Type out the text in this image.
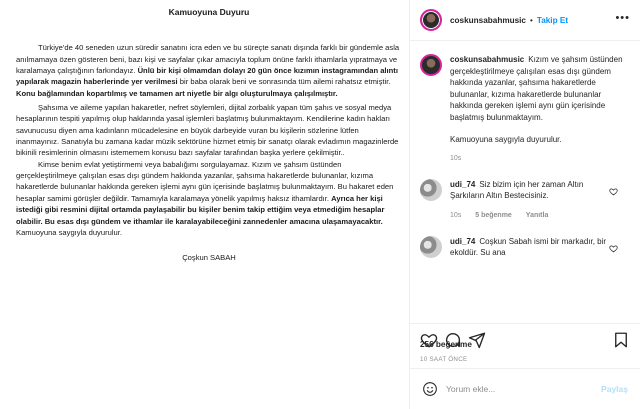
Kamuoyuna Duyuru

Türkiye'de 40 seneden uzun süredir sanatını icra eden ve bu süreçte sanatı dışında farklı bir gündemle asla anılmamaya özen gösteren beni, bazı kişi ve sayfalar çıkar amacıyla toplum önüne farklı ithamlarla yıpratmaya ve karalamaya çalıştığının farkındayız. Ünlü bir kişi olmamdan dolayı 20 gün önce kızımın instagramından alıntı yapılarak magazin haberlerinde yer verilmesi bir baba olarak beni ve sonrasında tüm ailemi rahatsız etmiştir. Konu bağlamından kopartılmış ve tamamen art niyetle bir algı oluşturulmaya çalışılmıştır.

Şahsıma ve aileme yapılan hakaretler, nefret söylemleri, dijital zorbalık yapan tüm şahıs ve sosyal medya hesaplarının tespiti yapılmış olup haklarında yasal işlemleri başlatmış bulunmaktayım. Kendilerine kadın hakları savunucusu diyen ama kadınların mücadelesine en büyük darbeyide vuran bu kişilerin sözlerine lütfen inanmayınız. Sanatıyla bu zamana kadar müzik sektörüne hizmet etmiş bir sanatçı olarak evladımın magazinlerde bikinili resimlerinin olmasını istememem konusu bazı sayfalar tarafından başka yerlere çekilmiştir..

Kimse benim evlat yetiştirmemi veya babalığımı sorgulayamaz. Kızım ve şahsım üstünden gerçekleştirilmeye çalışılan esas dışı gündem hakkında yazanlar, şahsıma hakaretlerde bulunanlar, kızıma hakaretlerde bulunanlar hakkında gereken işlemi aynı gün içerisinde başlatmış bulunmaktayım. Bu hakaret eden hesaplar samimi görüşler değildir. Tamamıyla karalamaya yönelik yapılmış haksız ithamlardır. Ayrıca her kişi istediği gibi resmini dijital ortamda paylaşabilir bu kişiler benim takip ettiğim veya etmediğim hesaplar olabilir. Bu esas dışı gündem ve ithamlar ile karalayabileceğini zannedenler amacına ulaşamayacaktır.

Kamuoyuna saygıyla duyurulur.

Çoşkun SABAH
coskunsabahmusic • Takip Et	•••
coskunsabahmusic Kızım ve şahsım üstünden gerçekleştirilmeye çalışılan esas dışı gündem hakkında yazanlar, şahsıma hakaretlerde bulunanlar, kızıma hakaretlerde bulunanlar hakkında gereken işlemi aynı gün içerisinde başlatmış bulunmaktayım.
Kamuoyuna saygıyla duyurulur.
10s
udi_74 Siz bizim için her zaman Altın Şarkıların Altın Bestecisiniz.
10s 5 beğenme Yanıtla
udi_74 Coşkun Sabah ismi bir markadır, bir ekoldür. Su ana
256 beğenme
10 SAAT ÖNCE
Yorum ekle...
Paylaş
